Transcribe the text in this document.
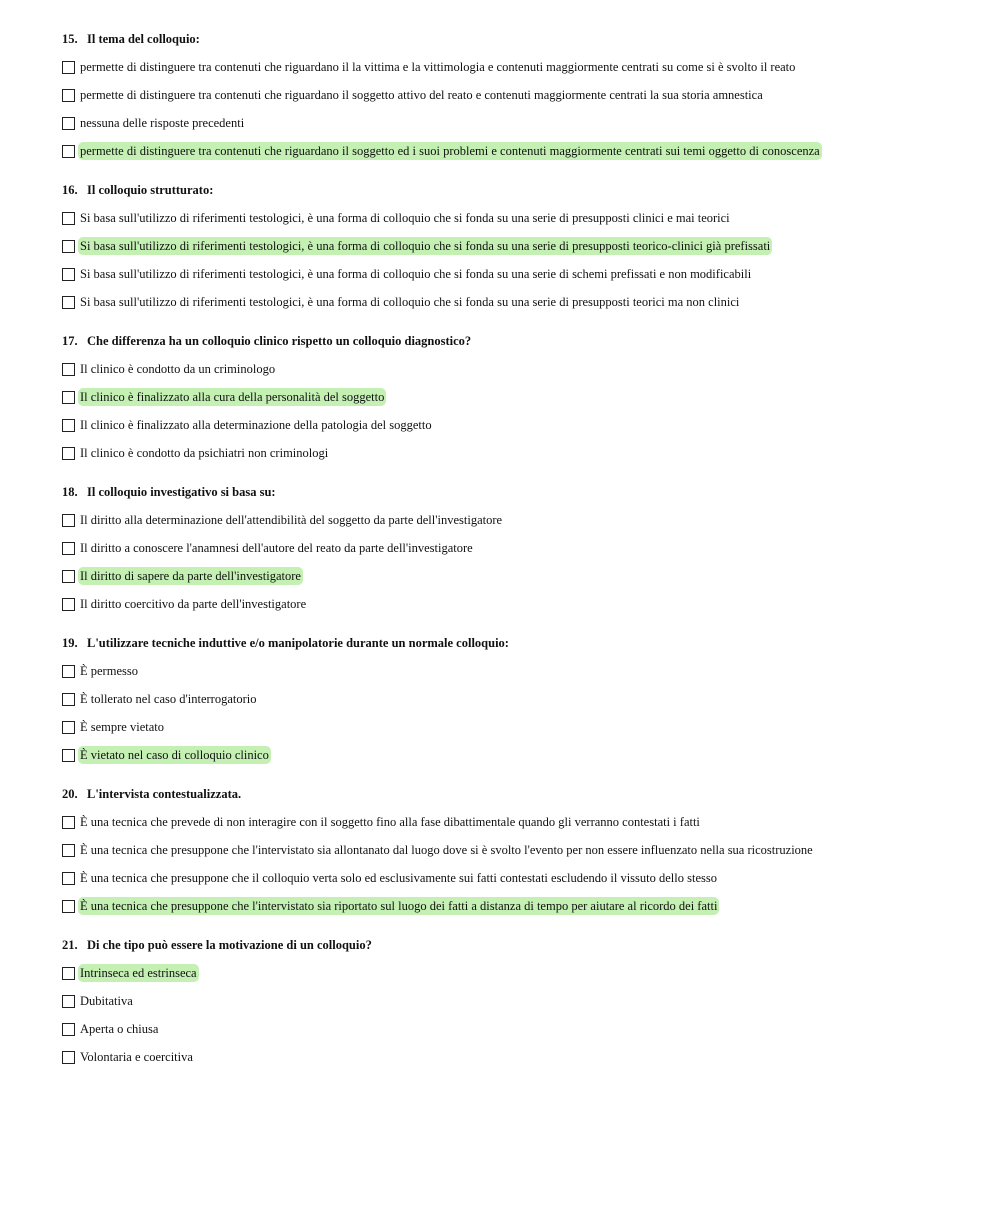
15. Il tema del colloquio:
permette di distinguere tra contenuti che riguardano il la vittima e la vittimologia e contenuti maggiormente centrati su come si è svolto il reato
permette di distinguere tra contenuti che riguardano il soggetto attivo del reato e contenuti maggiormente centrati la sua storia amnestica
nessuna delle risposte precedenti
permette di distinguere tra contenuti che riguardano il soggetto ed i suoi problemi e contenuti maggiormente centrati sui temi oggetto di conoscenza
16. Il colloquio strutturato:
Si basa sull'utilizzo di riferimenti testologici, è una forma di colloquio che si fonda su una serie di presupposti clinici e mai teorici
Si basa sull'utilizzo di riferimenti testologici, è una forma di colloquio che si fonda su una serie di presupposti teorico-clinici già prefissati
Si basa sull'utilizzo di riferimenti testologici, è una forma di colloquio che si fonda su una serie di schemi prefissati e non modificabili
Si basa sull'utilizzo di riferimenti testologici, è una forma di colloquio che si fonda su una serie di presupposti teorici ma non clinici
17. Che differenza ha un colloquio clinico rispetto un colloquio diagnostico?
Il clinico è condotto da un criminologo
Il clinico è finalizzato alla cura della personalità del soggetto
Il clinico è finalizzato alla determinazione della patologia del soggetto
Il clinico è condotto da psichiatri non criminologi
18. Il colloquio investigativo si basa su:
Il diritto alla determinazione dell'attendibilità del soggetto da parte dell'investigatore
Il diritto a conoscere l'anamnesi dell'autore del reato da parte dell'investigatore
Il diritto di sapere da parte dell'investigatore
Il diritto coercitivo da parte dell'investigatore
19. L'utilizzare tecniche induttive e/o manipolatorie durante un normale colloquio:
È permesso
È tollerato nel caso d'interrogatorio
È sempre vietato
È vietato nel caso di colloquio clinico
20. L'intervista contestualizzata.
È una tecnica che prevede di non interagire con il soggetto fino alla fase dibattimentale quando gli verranno contestati i fatti
È una tecnica che presuppone che l'intervistato sia allontanato dal luogo dove si è svolto l'evento per non essere influenzato nella sua ricostruzione
È una tecnica che presuppone che il colloquio verta solo ed esclusivamente sui fatti contestati escludendo il vissuto dello stesso
È una tecnica che presuppone che l'intervistato sia riportato sul luogo dei fatti a distanza di tempo per aiutare al ricordo dei fatti
21. Di che tipo può essere la motivazione di un colloquio?
Intrinseca ed estrinseca
Dubitativa
Aperta o chiusa
Volontaria e coercitiva
